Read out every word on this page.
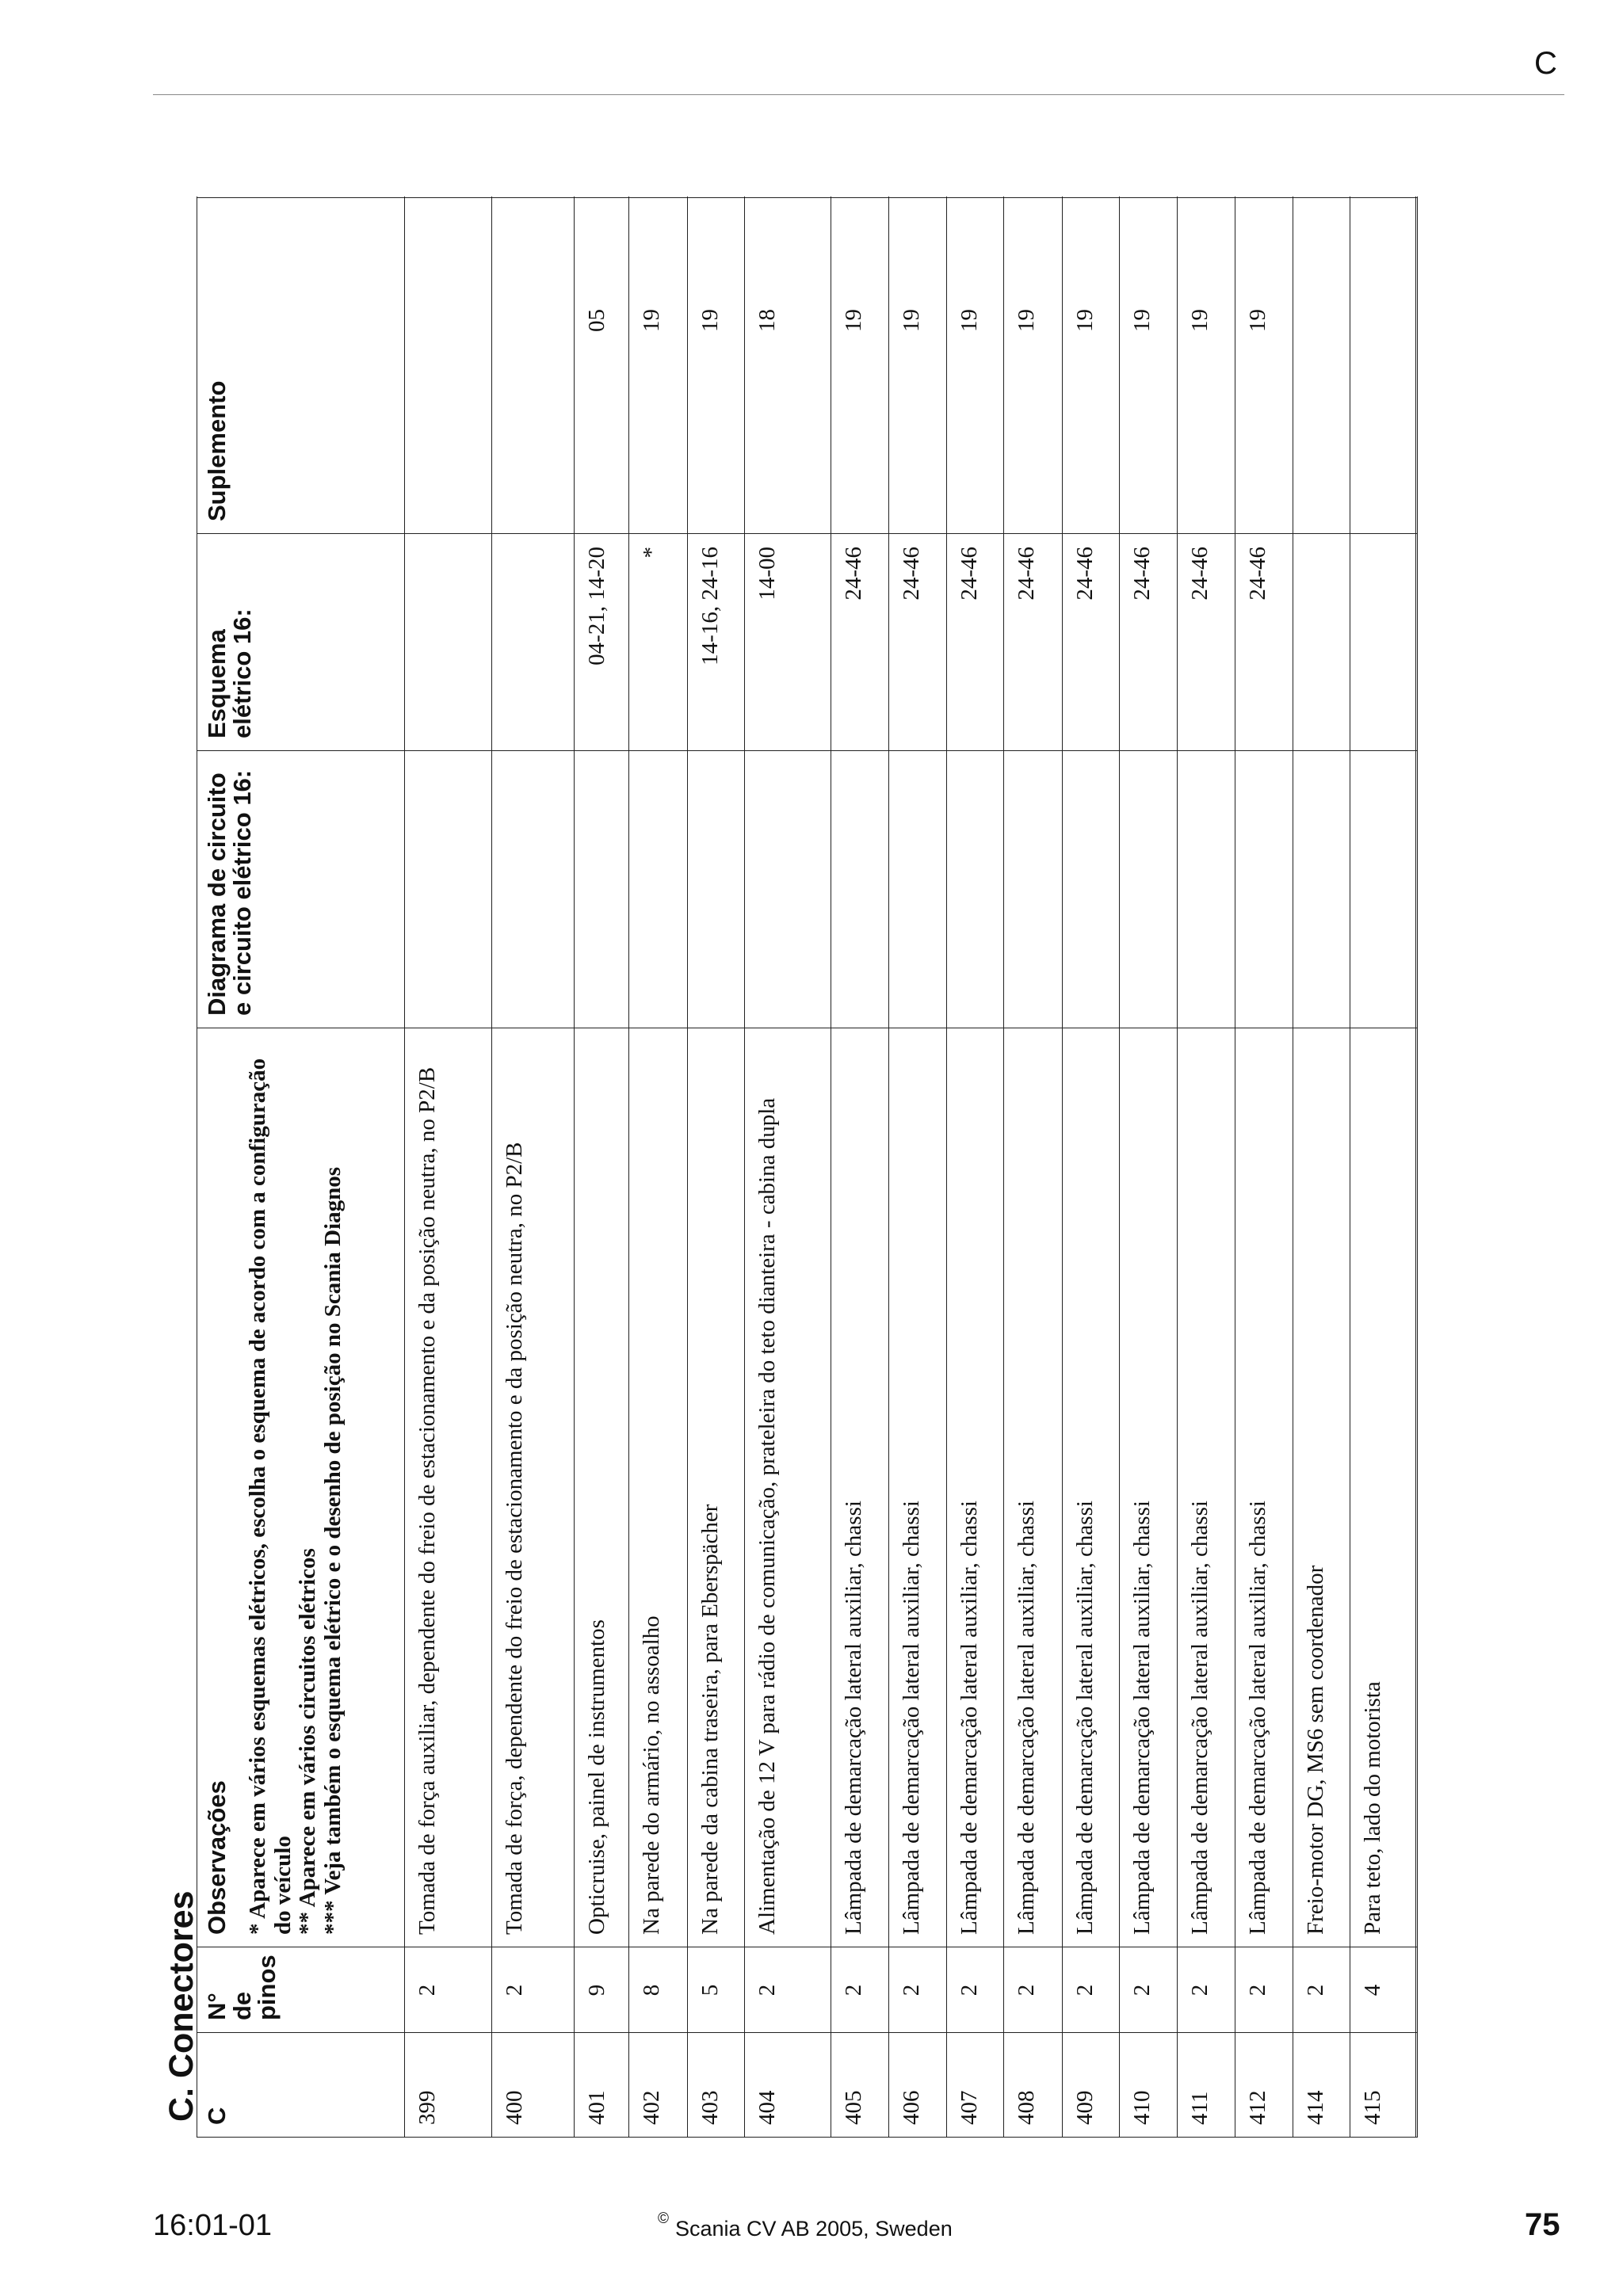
C
C. Conectores C
Observações * Aparece em vários esquemas elétricos, escolha o esquema de acordo com a configuração do veículo ** Aparece em vários circuitos elétricos *** Veja também o esquema elétrico e o desenho de posição no Scania Diagnos
Diagrama de circuito e circuito elétrico 16:
Esquema elétrico 16:
Suplemento
399
2
Tomada de força auxiliar, dependente do freio de estacionamento e da posição neutra, no P2/B
400
2
Tomada de força, dependente do freio de estacionamento e da posição neutra, no P2/B
401
9
Opticruise, painel de instrumentos
04-21, 14-20
05
402
8
Na parede do armário, no assoalho
*
19
403
5
Na parede da cabina traseira, para Eberspächer
14-16, 24-16
19
404
2
Alimentação de 12 V para rádio de comunicação, prateleira do teto dianteira - cabina dupla
14-00
18
405
2
Lâmpada de demarcação lateral auxiliar, chassi
24-46
19
406
2
Lâmpada de demarcação lateral auxiliar, chassi
24-46
19
407
2
Lâmpada de demarcação lateral auxiliar, chassi
24-46
19
408
2
Lâmpada de demarcação lateral auxiliar, chassi
24-46
19
409
2
Lâmpada de demarcação lateral auxiliar, chassi
24-46
19
410
2
Lâmpada de demarcação lateral auxiliar, chassi
24-46
19
411
2
Lâmpada de demarcação lateral auxiliar, chassi
24-46
19
412
2
Lâmpada de demarcação lateral auxiliar, chassi
24-46
19
414
2
Freio-motor DG, MS6 sem coordenador
415
4
Para teto, lado do motorista
N° de pinos
16:01-01	© Scania CV AB 2005, Sweden	75
